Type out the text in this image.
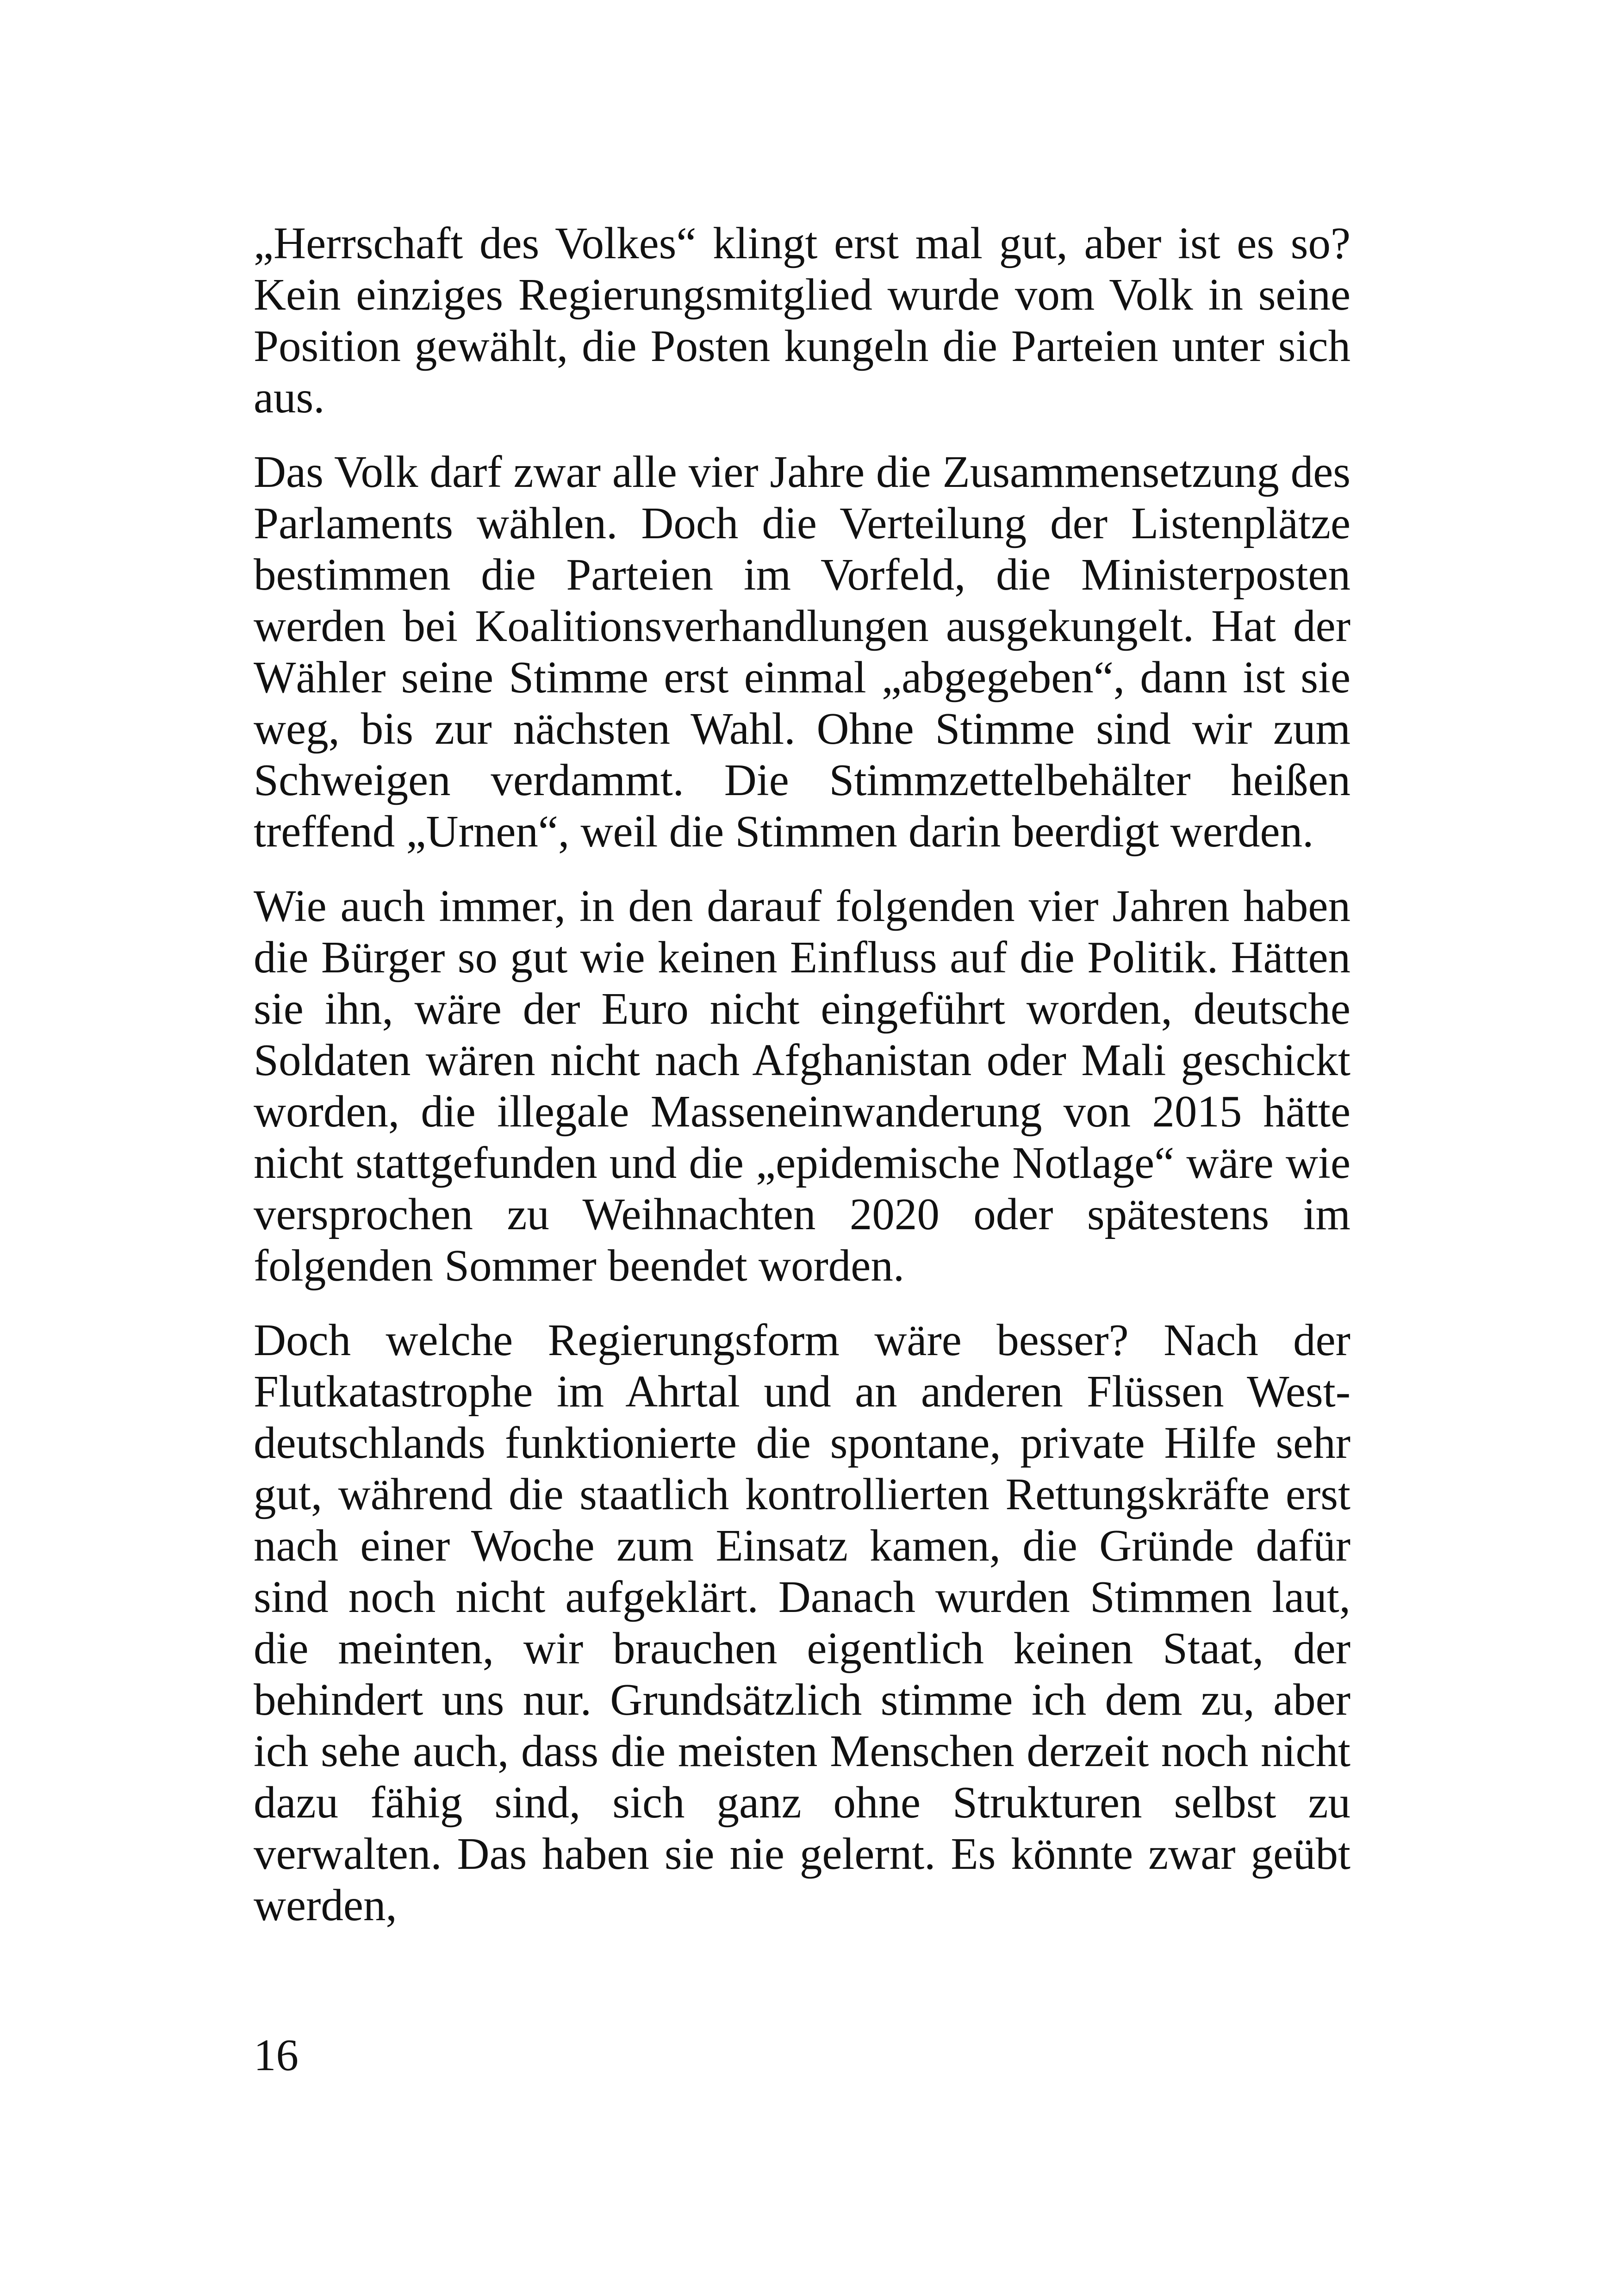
„Herrschaft des Volkes“ klingt erst mal gut, aber ist es so? Kein einziges Regierungsmitglied wurde vom Volk in seine Position gewählt, die Posten kungeln die Parteien unter sich aus.

Das Volk darf zwar alle vier Jahre die Zusammensetzung des Parlaments wählen. Doch die Verteilung der Listenplätze bestimmen die Parteien im Vorfeld, die Ministerposten werden bei Koalitionsverhandlungen ausgekungelt. Hat der Wähler seine Stimme erst einmal „abgegeben“, dann ist sie weg, bis zur nächsten Wahl. Ohne Stimme sind wir zum Schweigen verdammt. Die Stimmzettelbehälter heißen treffend „Urnen“, weil die Stimmen darin beerdigt werden.

Wie auch immer, in den darauf folgenden vier Jahren haben die Bürger so gut wie keinen Einfluss auf die Politik. Hätten sie ihn, wäre der Euro nicht eingeführt worden, deutsche Soldaten wären nicht nach Afghanistan oder Mali geschickt worden, die illegale Masseneinwanderung von 2015 hätte nicht stattgefunden und die „epidemische Notlage“ wäre wie versprochen zu Weihnachten 2020 oder spätestens im folgenden Sommer beendet worden.

Doch welche Regierungsform wäre besser? Nach der Flutkatastrophe im Ahrtal und an anderen Flüssen Westdeutschlands funktionierte die spontane, private Hilfe sehr gut, während die staatlich kontrollierten Rettungskräfte erst nach einer Woche zum Einsatz kamen, die Gründe dafür sind noch nicht aufgeklärt. Danach wurden Stimmen laut, die meinten, wir brauchen eigentlich keinen Staat, der behindert uns nur. Grundsätzlich stimme ich dem zu, aber ich sehe auch, dass die meisten Menschen derzeit noch nicht dazu fähig sind, sich ganz ohne Strukturen selbst zu verwalten. Das haben sie nie gelernt. Es könnte zwar geübt werden,

16
